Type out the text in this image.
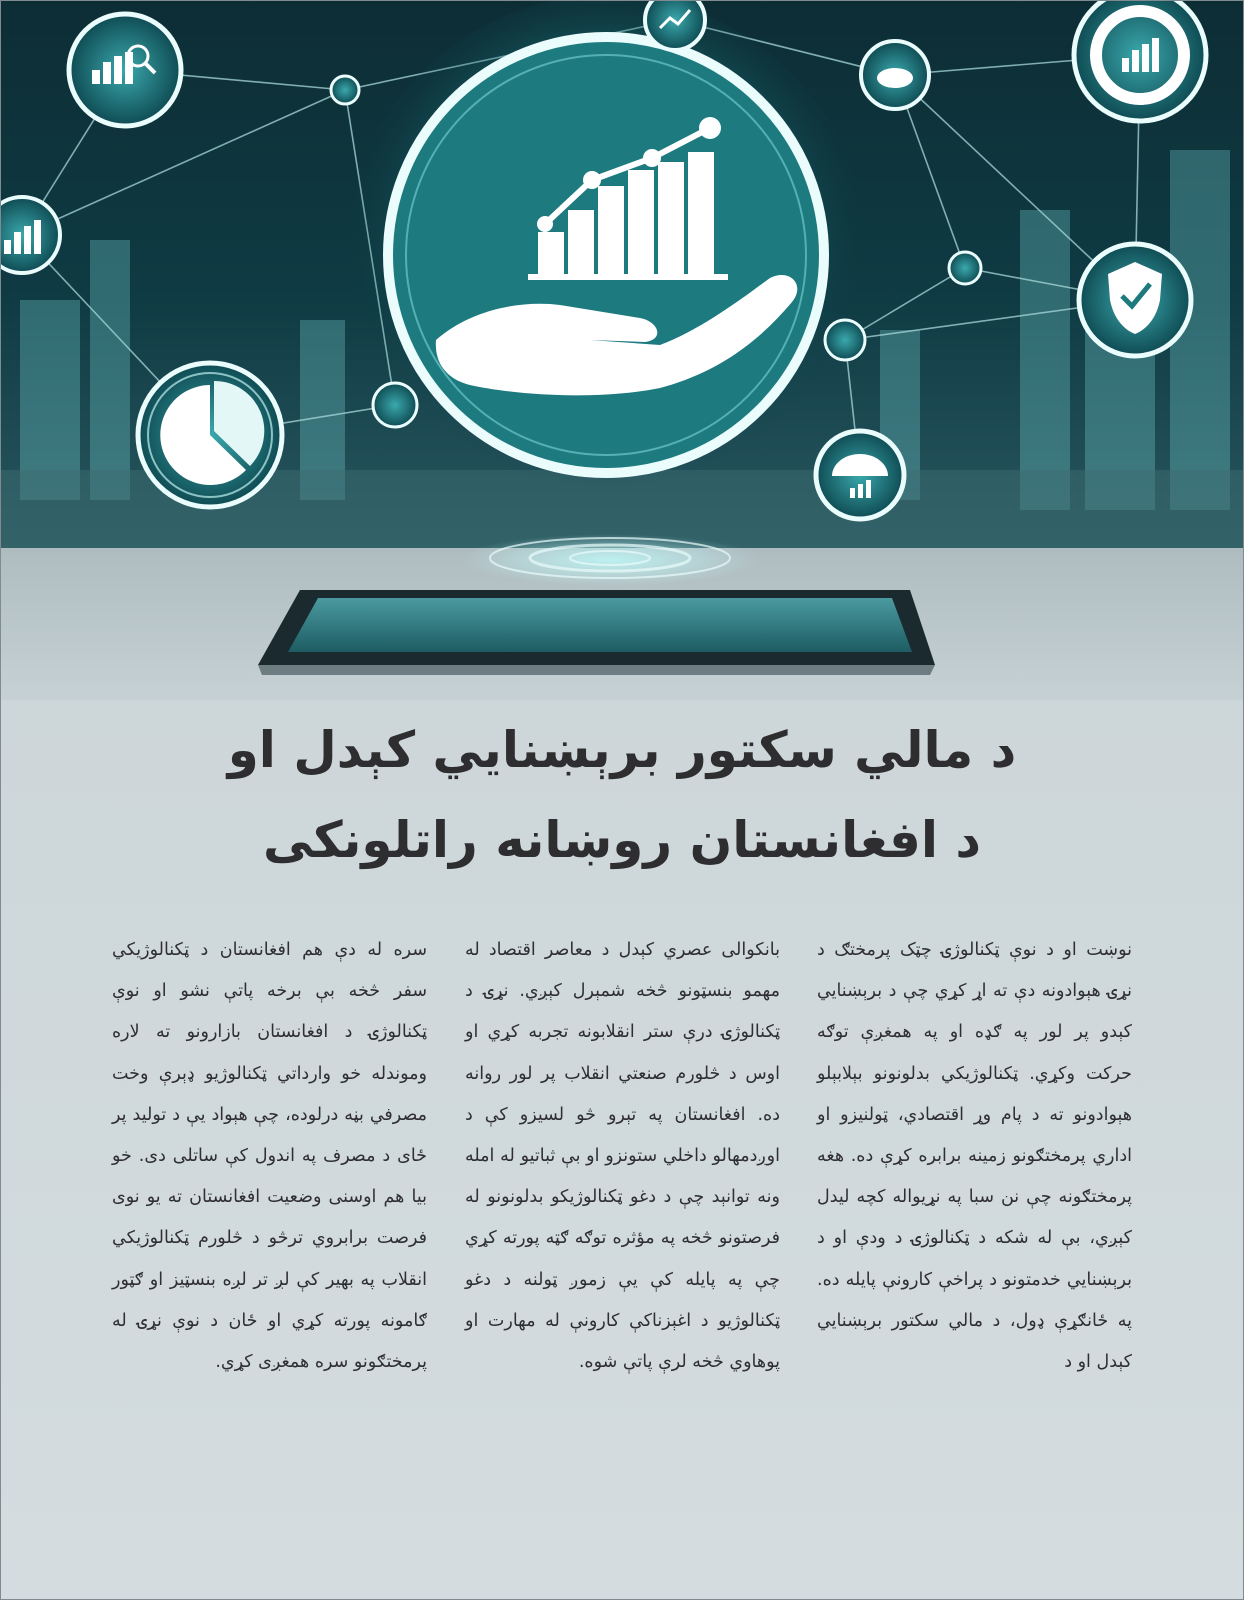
د مالي سکتور برېښنايي کېدل او
د افغانستان روښانه راتلونکی

نوښت او د نوې ټکنالوژۍ چټک پرمختګ د نړۍ هېوادونه دې ته اړ کړي چې د برېښنايي کېدو پر لور په ګډه او په همغږې توګه حرکت وکړي. ټکنالوژيکي بدلونونو بېلابېلو هېوادونو ته د پام وړ اقتصادي، ټولنيزو او اداري پرمختګونو زمينه برابره کړې ده. هغه پرمختګونه چې نن سبا په نړيواله کچه ليدل کېږي، بې له شکه د ټکنالوژۍ د ودې او د برېښنايي خدمتونو د پراخې کارونې پايله ده. په ځانګړې ډول، د مالي سکتور برېښنايي کېدل او د

بانکوالی عصري کېدل د معاصر اقتصاد له مهمو بنسټونو څخه شمېرل کېږي. نړۍ د ټکنالوژۍ درې ستر انقلابونه تجربه کړي او اوس د څلورم صنعتي انقلاب پر لور روانه ده. افغانستان په تېرو څو لسيزو کې د اوږدمهالو داخلي ستونزو او بې ثباتيو له امله ونه توانېد چې د دغو ټکنالوژيکو بدلونونو له فرصتونو څخه په مؤثره توګه ګټه پورته کړي چې په پايله کې يې زموږ ټولنه د دغو ټکنالوژيو د اغېزناکې کارونې له مهارت او پوهاوي څخه لرې پاتې شوه.

سره له دې هم افغانستان د ټکنالوژيکي سفر څخه بې برخه پاتې نشو او نوې ټکنالوژۍ د افغانستان بازارونو ته لاره وموندله خو وارداتي ټکنالوژيو ډېرې وخت مصرفي بڼه درلوده، چې هېواد يې د توليد پر ځای د مصرف په اندول کې ساتلی دی. خو بيا هم اوسنی وضعيت افغانستان ته يو نوی فرصت برابروي ترڅو د څلورم ټکنالوژيکي انقلاب په بهير کې لږ تر لږه بنسټيز او ګټور ګامونه پورته کړي او ځان د نوې نړۍ له پرمختګونو سره همغږی کړي.
